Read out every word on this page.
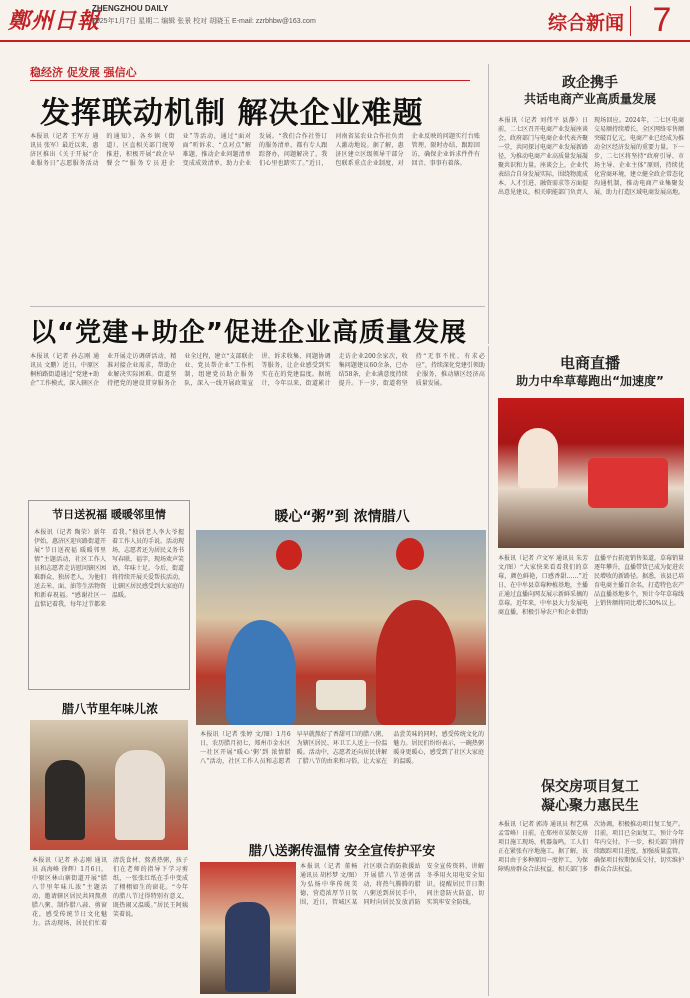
鄭州日報
ZHENGZHOU DAILY
2025年1月7日 星期二 编辑 张景 校对 胡晓玉 E-mail: zzrbhbw@163.com	综合新闻 7
稳经济 促发展 强信心
发挥联动机制 解决企业难题
本报讯（记者 王军方 通讯员 张军）最近以来，惠济区推出《关于开展“企业服务日”志愿服务活动的通知》，各乡镇（街道）、区直相关部门统筹推进，积极开展“政企早餐会”“服务专员进企业”等活动，通过“面对面”听诉求、“点对点”解难题，推动企业问题清单变成成效清单，助力企业发展。“我们合作社签订的服务清单，都有专人跟踪督办，问题解决了，我们心里也踏实了。”近日，河南省某农业合作社负责人激动地说。据了解，惠济区建立区级领导干部分包联系重点企业制度，对企业反映的问题实行台账管理、限时办结、跟踪回访，确保企业诉求件件有回音、事事有着落。
政企携手
共话电商产业高质量发展
本报讯（记者 刘伟平 县静）日前，二七区召开电商产业发展座谈会，政府部门与电商企业代表齐聚一堂，共同探讨电商产业发展新路径，为推动电商产业高质量发展凝聚共识和力量。座谈会上，企业代表结合自身发展实际，围绕物流成本、人才引进、融资需求等方面提出意见建议，相关职能部门负责人现场回应。2024年，二七区电商交易额持续增长，全区网络零售额突破百亿元，电商产业已经成为推动全区经济发展的重要力量。下一步，二七区将坚持“政府引导、市场主导、企业主体”原则，持续优化营商环境，建立健全政企常态化沟通机制，推动电商产业集聚发展，助力打造区域电商发展高地。
以“党建+助企”促进企业高质量发展
本报讯（记者 孙志刚 通讯员 文鹏）近日，中原区桐柏路街道通过“党建+助企”工作模式，深入辖区企业开展走访调研活动，精准对接企业需求，帮助企业解决实际困难。街道坚持把党的建设贯穿服务企业全过程，建立“支部联企业、党员帮企业”工作机制，组建党员助企服务队，深入一线开展政策宣讲、诉求收集、问题协调等服务，让企业感受到实实在在的党建温度。据统计，今年以来，街道累计走访企业200余家次，收集问题建议60余条，已办结58条，企业满意度持续提升。下一步，街道将坚持“无事不扰、有求必应”，持续深化党建引领助企服务，推动辖区经济高质量发展。
电商直播
助力中牟草莓跑出“加速度”
本报讯（记者 卢文军 通讯员 朱芳 文/图）“大家快来看看我们的草莓，颜色鲜艳，口感香甜……”近日，在中牟县草莓种植基地，主播正通过直播向网友展示新鲜采摘的草莓。近年来，中牟县大力发展电商直播，积极引导农户和企业借助直播平台拓宽销售渠道，草莓销量逐年攀升，直播带货已成为促进农民增收的新路径。据悉，该县已培育电商主播百余名，打造特色农产品直播基地多个，预计今年草莓线上销售额将同比增长30%以上。
节日送祝福 暖暖邻里情
本报讯（记者 陶荣）新年伊始，惠济区迎宾路街道开展“节日送祝福 暖暖邻里情”主题活动，社区工作人员和志愿者走访慰问辖区困难群众、独居老人，为他们送去米、面、油等生活物资和新春祝福。“感谢社区一直惦记着我，每年过节都来看我。”独居老人李大爷握着工作人员的手说。活动现场，志愿者还为居民义务书写春联、福字，现场欢声笑语，年味十足。今后，街道将持续开展关爱帮扶活动，让辖区居民感受到大家庭的温暖。
暖心“粥”到 浓情腊八
本报讯（记者 张婷 文/图）1月6日，农历腊月初七，郑州市金水区一社区开展“暖心‘粥’到 浓情腊八”活动，社区工作人员和志愿者早早就熬好了香甜可口的腊八粥，为辖区居民、环卫工人送上一份温暖。活动中，志愿者还向居民讲解了腊八节的由来和习俗，让大家在品尝美味的同时，感受传统文化的魅力。居民们纷纷表示，一碗热粥暖身更暖心，感受到了社区大家庭的温暖。
腊八节里年味儿浓
本报讯（记者 孙志刚 通讯员 高海峰 徐辉）1月6日，中原区林山寨街道开展“腊八节里年味儿浓”主题活动，邀请辖区居民共同熬煮腊八粥、制作腊八蒜、剪窗花，感受传统节日文化魅力。活动现场，居民们忙着清洗食材、熬煮热粥，孩子们在老师的指导下学习剪纸，一张张红纸在手中变成了栩栩如生的窗花。“今年的腊八节过得特别有意义，既热闹又温暖。”居民王阿姨笑着说。
腊八送粥传温情 安全宣传护平安
本报讯（记者 董畅 通讯员 胡杉梦 文/图）为弘扬中华传统美德，营造浓厚节日氛围，近日，管城区某社区联合消防救援站开展腊八节送粥活动，将热气腾腾的腊八粥送到居民手中，同时向居民发放消防安全宣传资料，讲解冬季用火用电安全知识，提醒居民节日期间注意防火防盗，切实筑牢安全防线。
保交房项目复工
凝心聚力惠民生
本报讯（记者 郭涛 通讯员 程艺琪 孟雪峰）日前，在郑州市某保交房项目施工现场，机器轰鸣，工人们正在紧张有序地施工。据了解，该项目由于多种原因一度停工，为保障购房群众合法权益，相关部门多次协调，积极推动项目复工复产。目前，项目已全面复工，预计今年年内交付。下一步，相关部门将持续跟踪项目进度，加强质量监管，确保项目按期保质交付，切实维护群众合法权益。
